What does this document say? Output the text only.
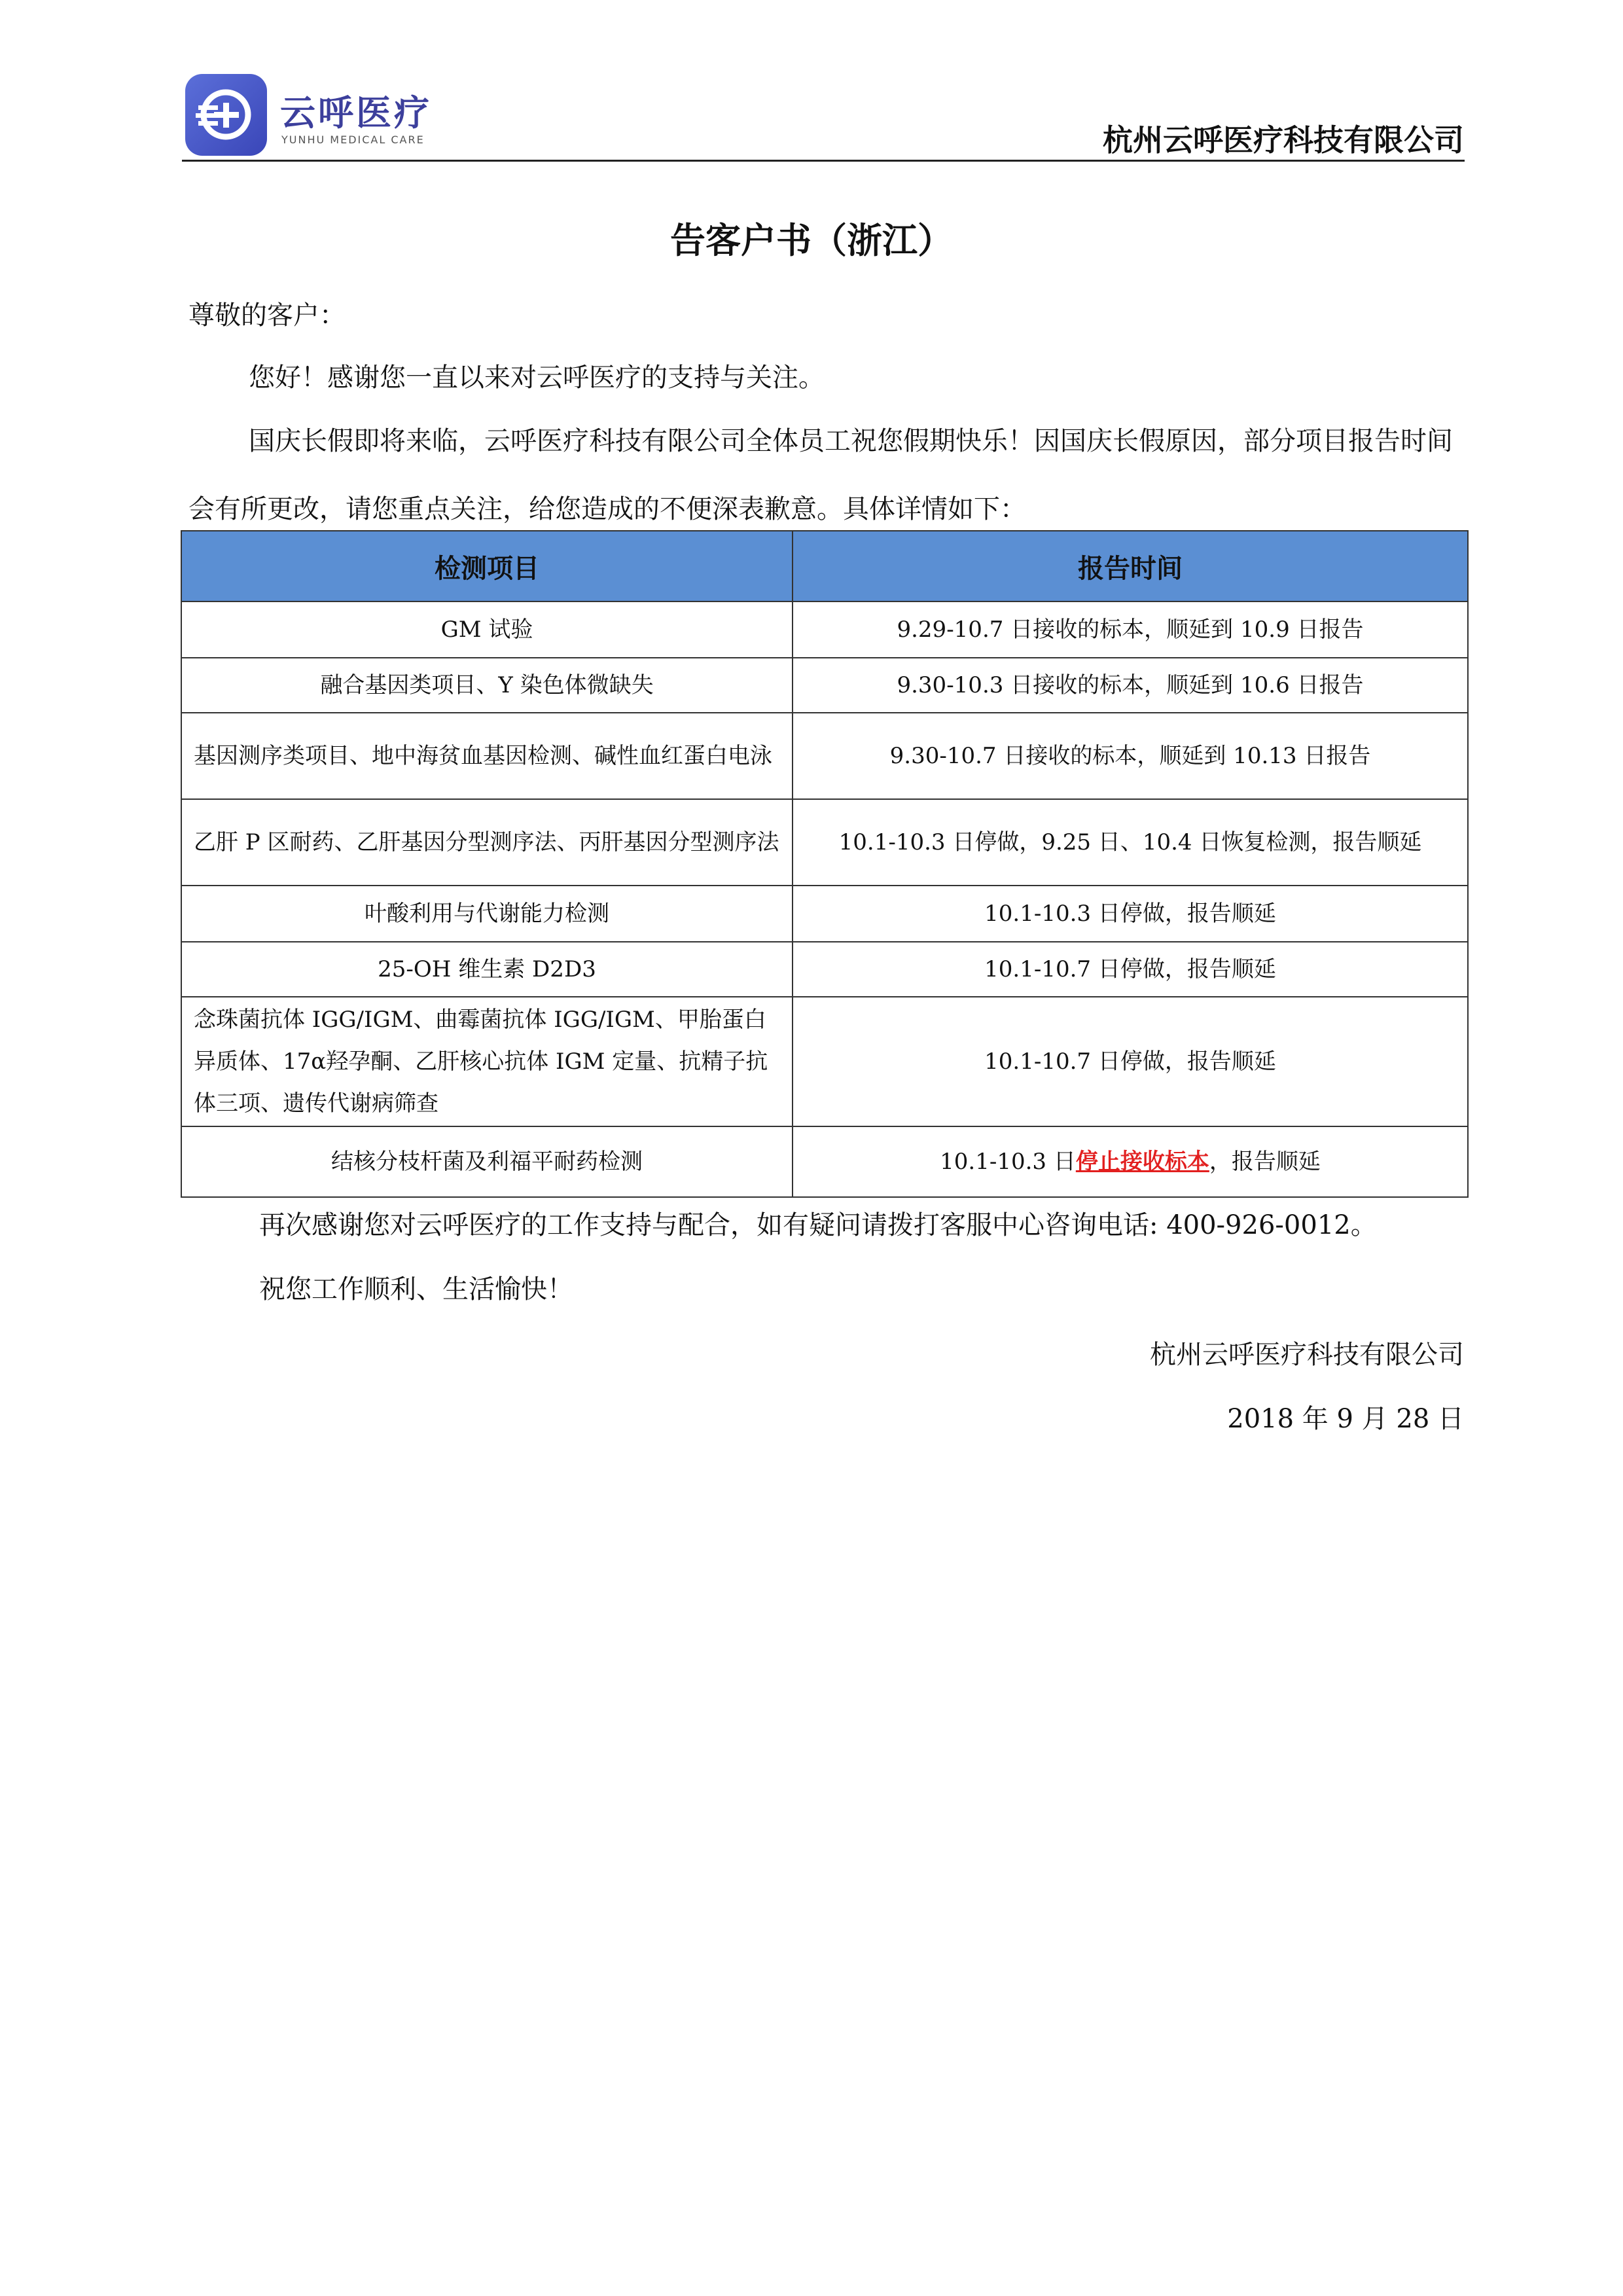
云呼医疗
YUNHU MEDICAL CARE	杭州云呼医疗科技有限公司
告客户书（浙江）
尊敬的客户：
您好！感谢您一直以来对云呼医疗的支持与关注。
国庆长假即将来临，云呼医疗科技有限公司全体员工祝您假期快乐！因国庆长假原因，部分项目报告时间会有所更改，请您重点关注，给您造成的不便深表歉意。具体详情如下：
检测项目	报告时间
GM 试验	9.29-10.7 日接收的标本，顺延到 10.9 日报告
融合基因类项目、Y 染色体微缺失	9.30-10.3 日接收的标本，顺延到 10.6 日报告
基因测序类项目、地中海贫血基因检测、碱性血红蛋白电泳	9.30-10.7 日接收的标本，顺延到 10.13 日报告
乙肝 P 区耐药、乙肝基因分型测序法、丙肝基因分型测序法	10.1-10.3 日停做，9.25 日、10.4 日恢复检测，报告顺延
叶酸利用与代谢能力检测	10.1-10.3 日停做，报告顺延
25-OH 维生素 D2D3	10.1-10.7 日停做，报告顺延
念珠菌抗体 IGG/IGM、曲霉菌抗体 IGG/IGM、甲胎蛋白异质体、17α羟孕酮、乙肝核心抗体 IGM 定量、抗精子抗体三项、遗传代谢病筛查	10.1-10.7 日停做，报告顺延
结核分枝杆菌及利福平耐药检测	10.1-10.3 日停止接收标本，报告顺延
再次感谢您对云呼医疗的工作支持与配合，如有疑问请拨打客服中心咨询电话: 400-926-0012。
祝您工作顺利、生活愉快！
杭州云呼医疗科技有限公司
2018 年 9 月 28 日
